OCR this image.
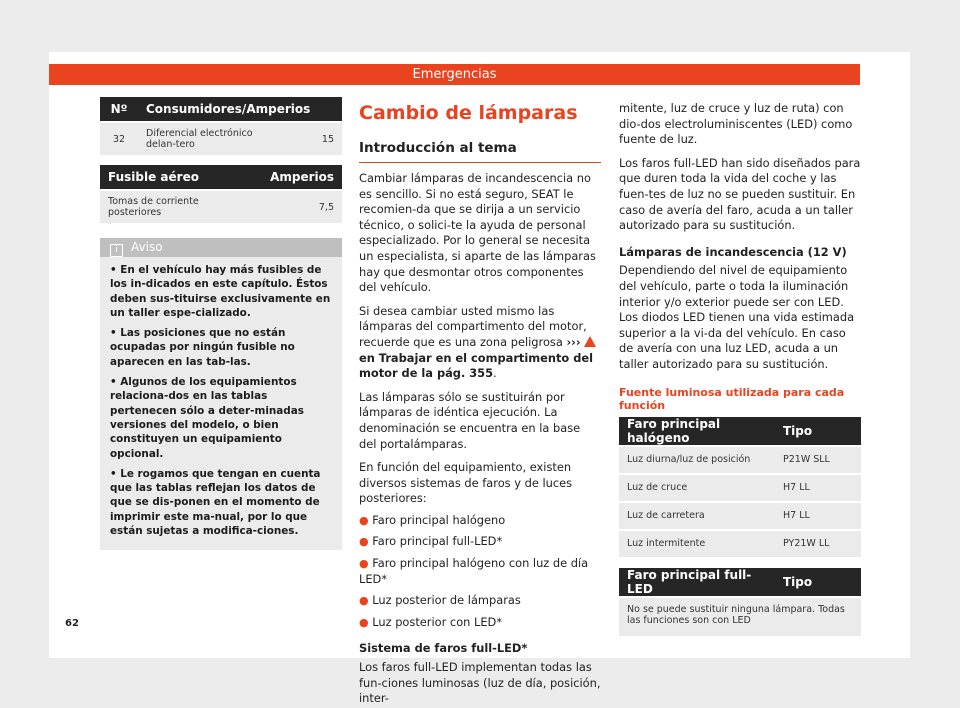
Emergencias
Nº	Consumidores/Amperios	
32	Diferencial electrónico delan-tero	15
Fusible aéreo	Amperios
Tomas de corriente posteriores	7,5
i Aviso

• En el vehículo hay más fusibles de los in-dicados en este capítulo. Éstos deben sus-tituirse exclusivamente en un taller espe-cializado.

• Las posiciones que no están ocupadas por ningún fusible no aparecen en las tab-las.

• Algunos de los equipamientos relaciona-dos en las tablas pertenecen sólo a deter-minadas versiones del modelo, o bien constituyen un equipamiento opcional.

• Le rogamos que tengan en cuenta que las tablas reflejan los datos de que se dis-ponen en el momento de imprimir este ma-nual, por lo que están sujetas a modifica-ciones.

Cambio de lámparas
Introducción al tema

Cambiar lámparas de incandescencia no es sencillo. Si no está seguro, SEAT le recomien-da que se dirija a un servicio técnico, o solici-te la ayuda de personal especializado. Por lo general se necesita un especialista, si aparte de las lámparas hay que desmontar otros componentes del vehículo.

Si desea cambiar usted mismo las lámparas del compartimento del motor, recuerde que es una zona peligrosa ››› en Trabajar en el compartimento del motor de la pág. 355.

Las lámparas sólo se sustituirán por lámparas de idéntica ejecución. La denominación se encuentra en la base del portalámparas.

En función del equipamiento, existen diversos sistemas de faros y de luces posteriores:

● Faro principal halógeno

● Faro principal full-LED*

● Faro principal halógeno con luz de día LED*

● Luz posterior de lámparas

● Luz posterior con LED*

Sistema de faros full-LED*

Los faros full-LED implementan todas las fun-ciones luminosas (luz de día, posición, inter-

mitente, luz de cruce y luz de ruta) con dio-dos electroluminiscentes (LED) como fuente de luz.

Los faros full-LED han sido diseñados para que duren toda la vida del coche y las fuen-tes de luz no se pueden sustituir. En caso de avería del faro, acuda a un taller autorizado para su sustitución.

Lámparas de incandescencia (12 V)

Dependiendo del nivel de equipamiento del vehículo, parte o toda la iluminación interior y/o exterior puede ser con LED. Los diodos LED tienen una vida estimada superior a la vi-da del vehículo. En caso de avería con una luz LED, acuda a un taller autorizado para su sustitución.

Fuente luminosa utilizada para cada función
Faro principal halógeno	Tipo
Luz diurna/luz de posición	P21W SLL
Luz de cruce	H7 LL
Luz de carretera	H7 LL
Luz intermitente	PY21W LL
Faro principal full-LED	Tipo
No se puede sustituir ninguna lámpara. Todas las funciones son con LED
62
